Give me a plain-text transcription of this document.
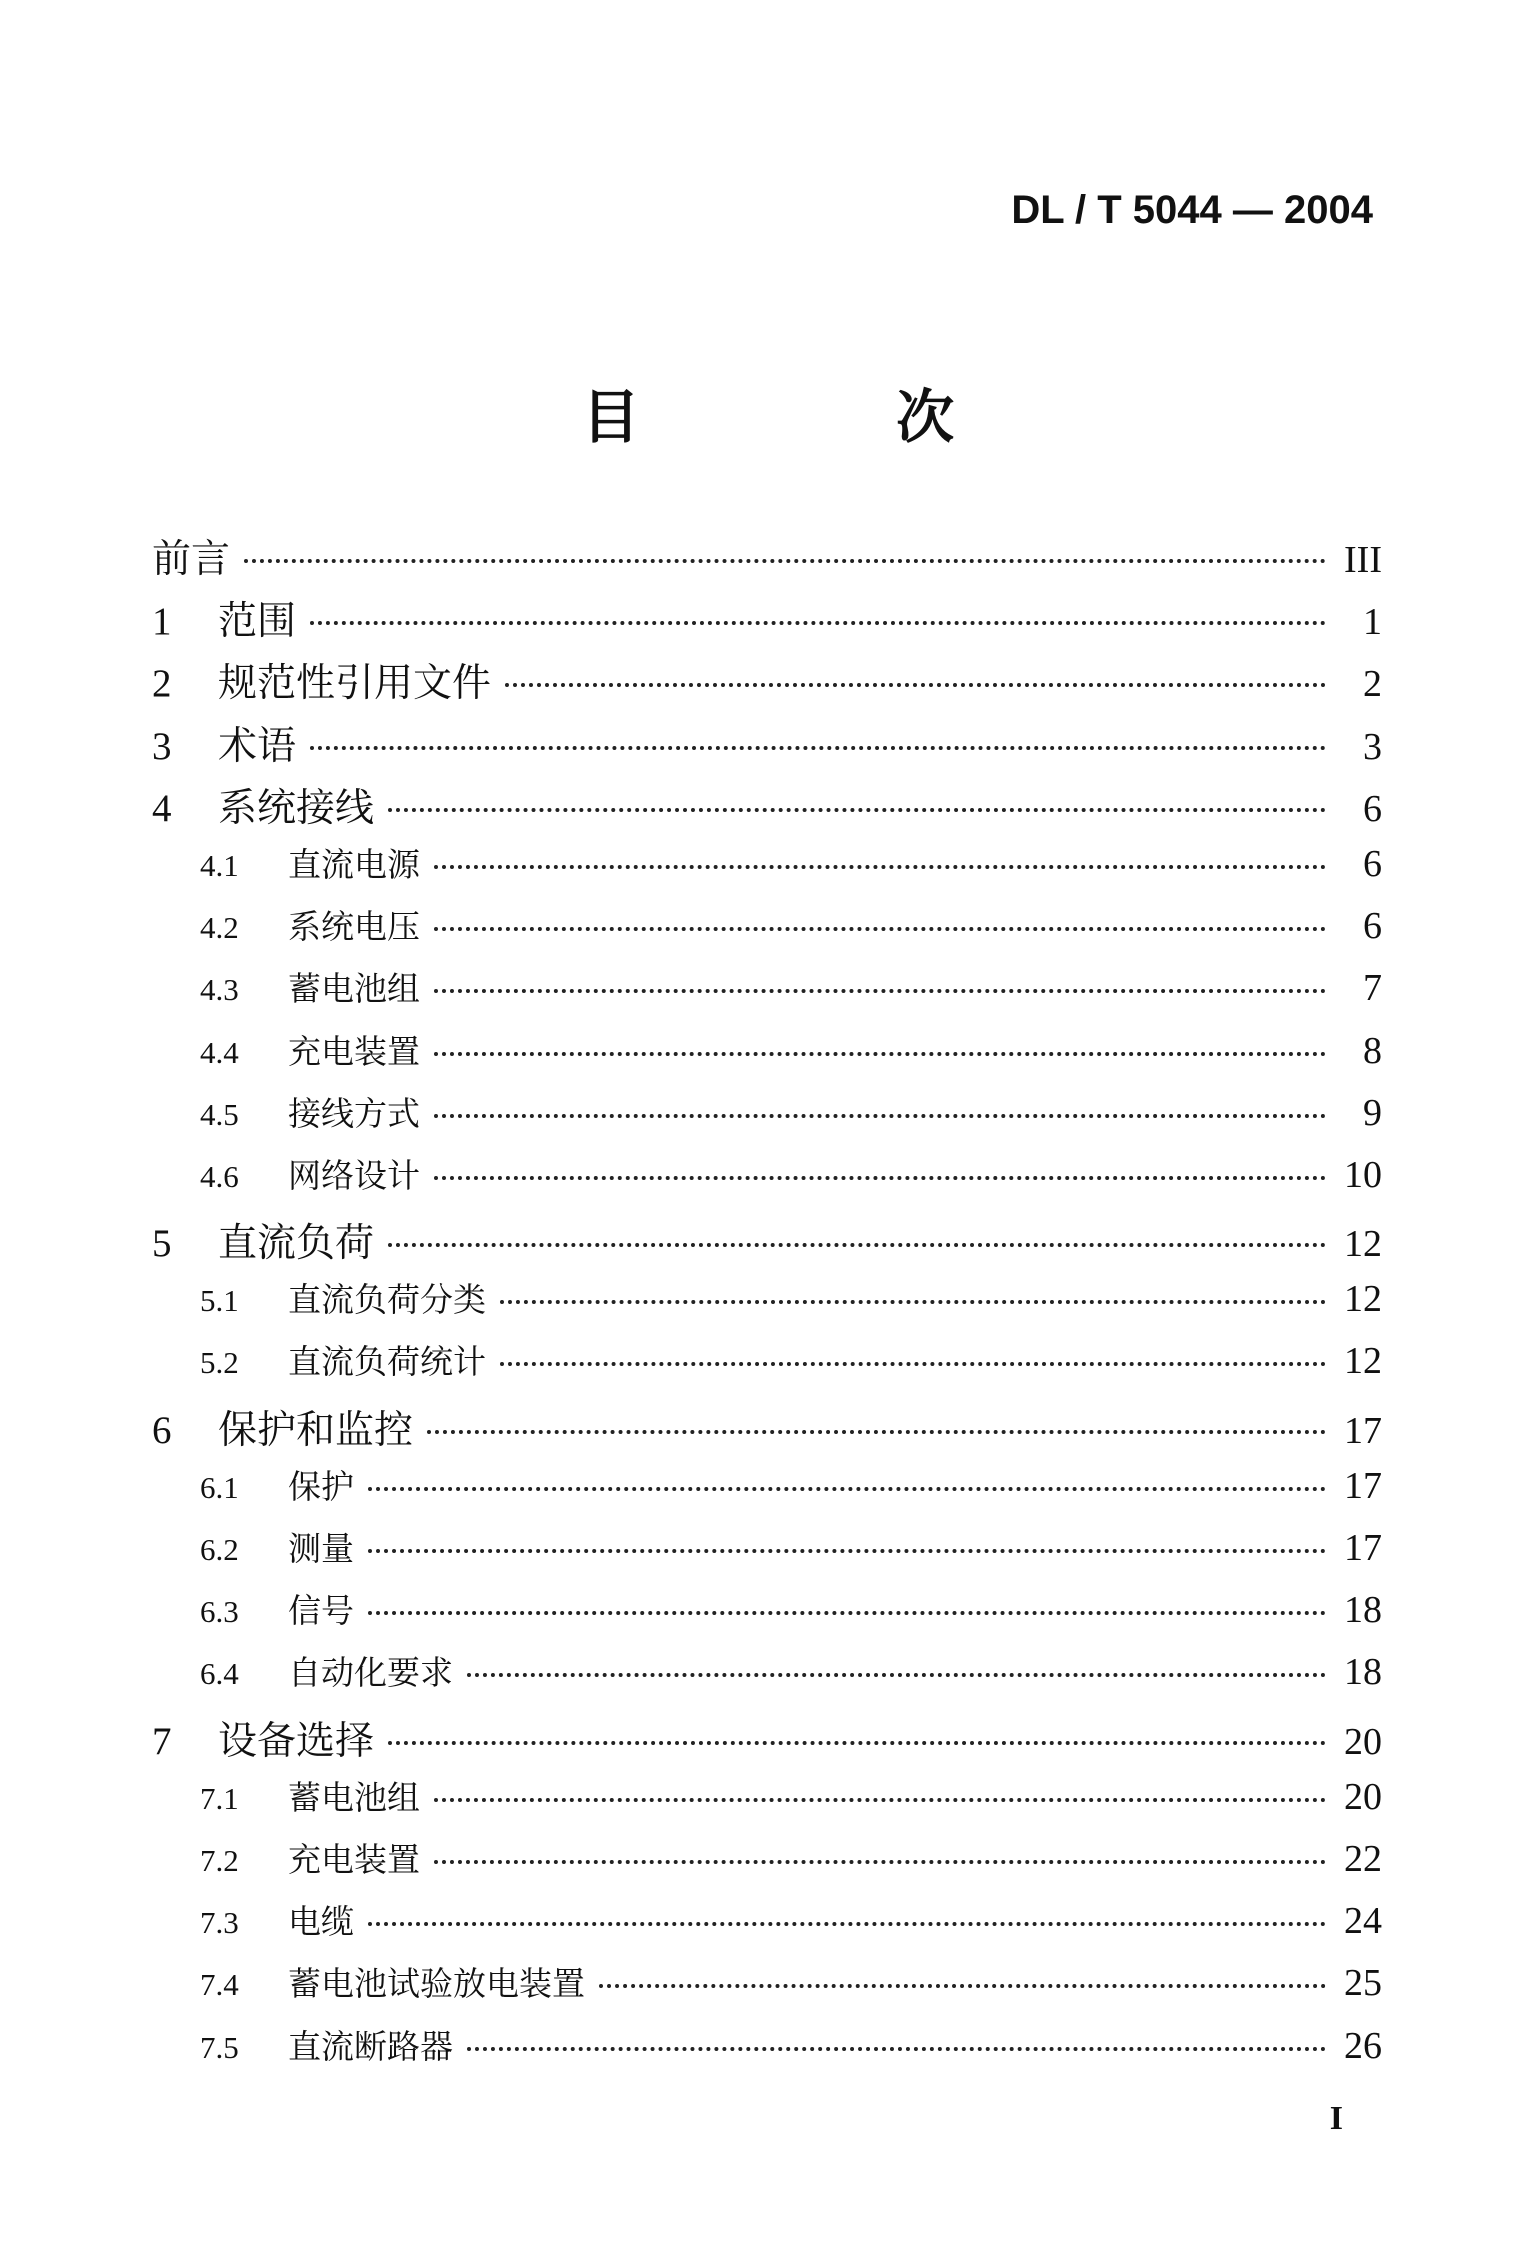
DL / T 5044 — 2004
目 次
前言	III
1	范围	1
2	规范性引用文件	2
3	术语	3
4	系统接线	6
4.1	直流电源	6
4.2	系统电压	6
4.3	蓄电池组	7
4.4	充电装置	8
4.5	接线方式	9
4.6	网络设计	10
5	直流负荷	12
5.1	直流负荷分类	12
5.2	直流负荷统计	12
6	保护和监控	17
6.1	保护	17
6.2	测量	17
6.3	信号	18
6.4	自动化要求	18
7	设备选择	20
7.1	蓄电池组	20
7.2	充电装置	22
7.3	电缆	24
7.4	蓄电池试验放电装置	25
7.5	直流断路器	26
I
